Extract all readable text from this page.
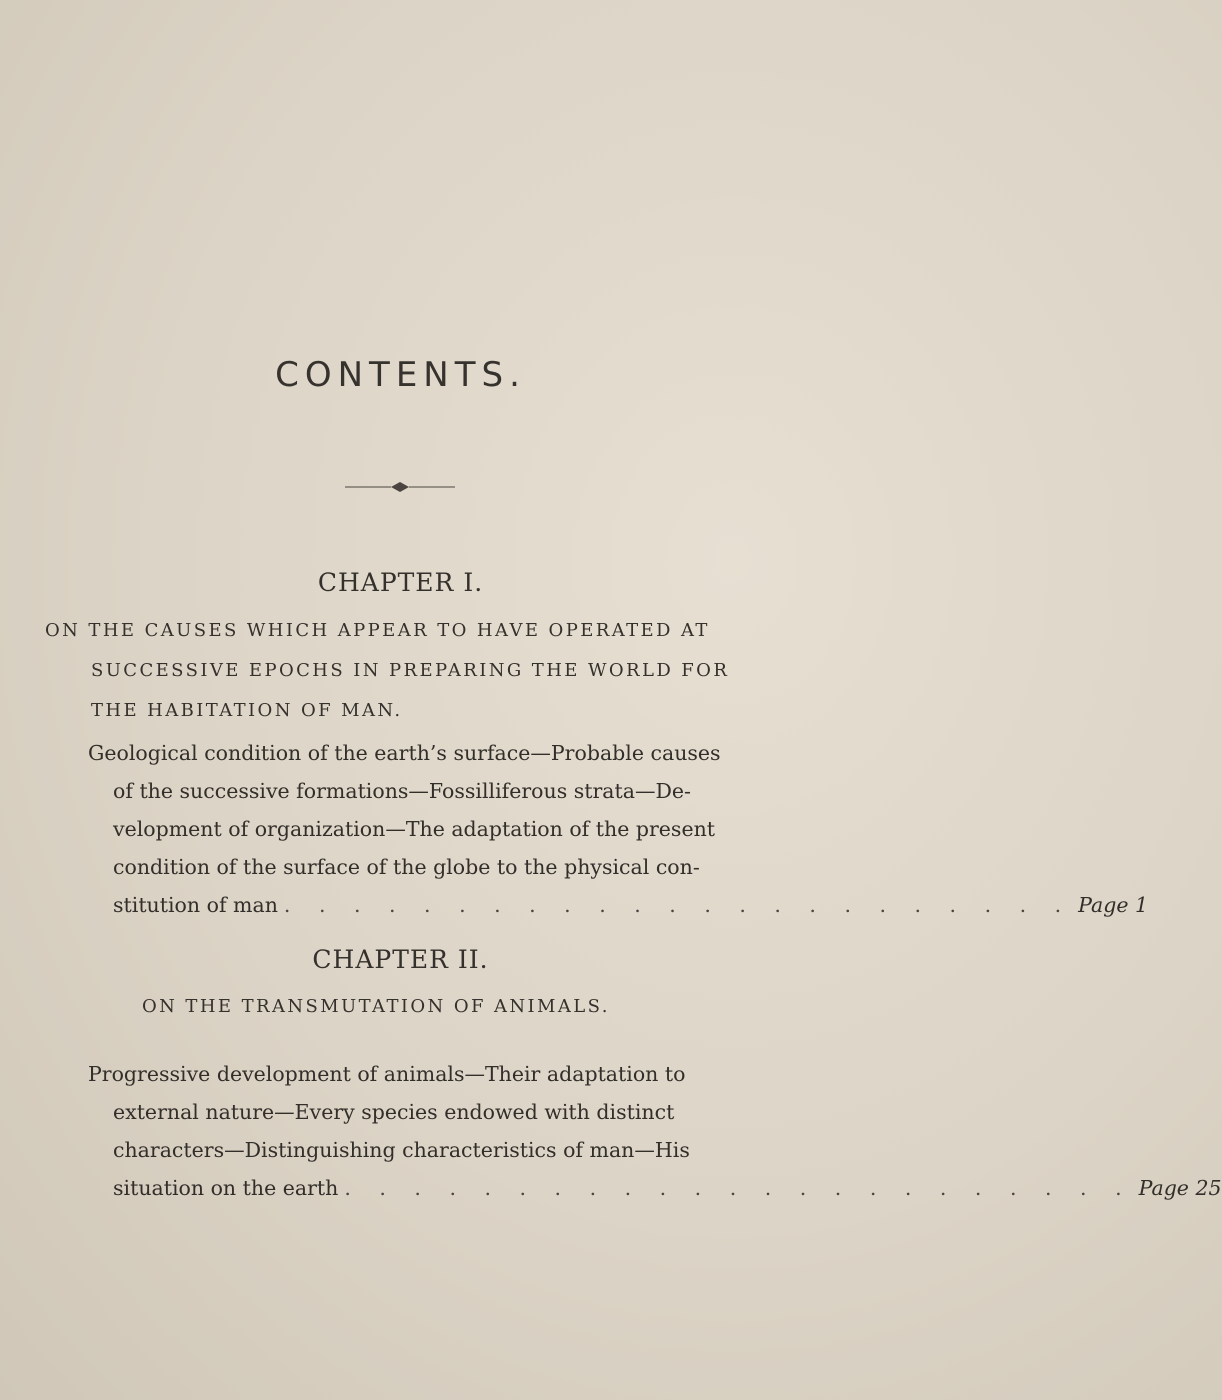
CONTENTS.
CHAPTER I.
ON THE CAUSES WHICH APPEAR TO HAVE OPERATED AT
SUCCESSIVE EPOCHS IN PREPARING THE WORLD FOR
THE HABITATION OF MAN.
Geological condition of the earth’s surface—Probable causes
of the successive formations—Fossilliferous strata—De-
velopment of organization—The adaptation of the present
condition of the surface of the globe to the physical con-
stitution of man . . . . . . . . . . . . . . . . . . . . . . . Page 1
CHAPTER II.
ON THE TRANSMUTATION OF ANIMALS.
Progressive development of animals—Their adaptation to
external nature—Every species endowed with distinct
characters—Distinguishing characteristics of man—His
situation on the earth . . . . . . . . . . . . . . . . . . . . . . . Page 25
